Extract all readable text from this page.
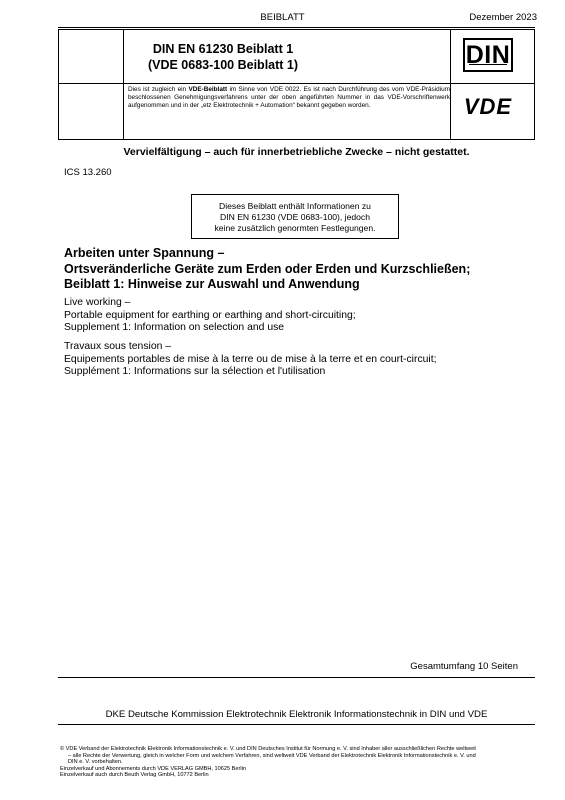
BEIBLATT	Dezember 2023
DIN EN 61230 Beiblatt 1
(VDE 0683-100 Beiblatt 1)	DIN
VDE

Dies ist zugleich ein VDE-Beiblatt im Sinne von VDE 0022. Es ist nach Durchführung des vom VDE-Präsidium beschlossenen Genehmigungsverfahrens unter der oben angeführten Nummer in das VDE-Vorschriftenwerk aufgenommen und in der „etz Elektrotechnik + Automation“ bekannt gegeben worden.

Vervielfältigung – auch für innerbetriebliche Zwecke – nicht gestattet.
ICS 13.260
Dieses Beiblatt enthält Informationen zu
DIN EN 61230 (VDE 0683-100), jedoch
keine zusätzlich genormten Festlegungen.
Arbeiten unter Spannung –
Ortsveränderliche Geräte zum Erden oder Erden und Kurzschließen;
Beiblatt 1: Hinweise zur Auswahl und Anwendung
Live working –
Portable equipment for earthing or earthing and short-circuiting;
Supplement 1: Information on selection and use
Travaux sous tension –
Equipements portables de mise à la terre ou de mise à la terre et en court-circuit;
Supplément 1: Informations sur la sélection et l'utilisation
Gesamtumfang 10 Seiten
DKE Deutsche Kommission Elektrotechnik Elektronik Informationstechnik in DIN und VDE

© VDE Verband der Elektrotechnik Elektronik Informationstechnik e. V. und DIN Deutsches Institut für Normung e. V. sind Inhaber aller ausschließlichen Rechte weltweit

– alle Rechte der Verwertung, gleich in welcher Form und welchem Verfahren, sind weltweit VDE Verband der Elektrotechnik Elektronik Informationstechnik e. V. und

DIN e. V. vorbehalten.

Einzelverkauf und Abonnements durch VDE VERLAG GMBH, 10625 Berlin

Einzelverkauf auch durch Beuth Verlag GmbH, 10772 Berlin
